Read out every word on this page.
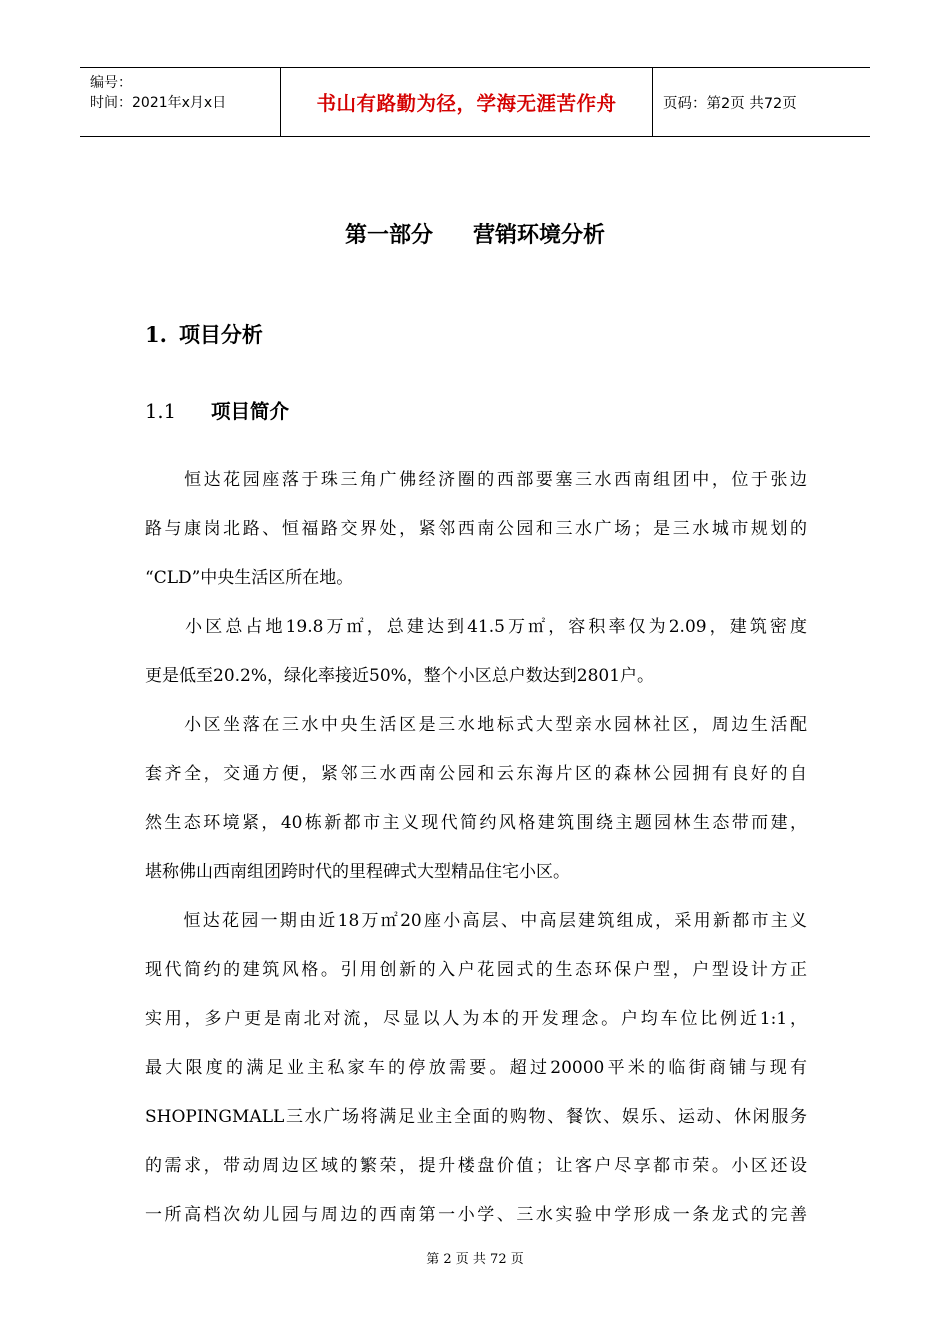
编号：
时间：2021年x月x日	书山有路勤为径，学海无涯苦作舟	页码：第2页 共72页
第一部分 营销环境分析
1. 项目分析
1.1 项目简介
　　恒达花园座落于珠三角广佛经济圈的西部要塞三水西南组团中，位于张边
路与康岗北路、恒福路交界处，紧邻西南公园和三水广场；是三水城市规划的
“CLD”中央生活区所在地。
　　小区总占地19.8万㎡，总建达到41.5万㎡，容积率仅为2.09，建筑密度
更是低至20.2%，绿化率接近50%，整个小区总户数达到2801户。
　　小区坐落在三水中央生活区是三水地标式大型亲水园林社区，周边生活配
套齐全，交通方便，紧邻三水西南公园和云东海片区的森林公园拥有良好的自
然生态环境紧，40栋新都市主义现代简约风格建筑围绕主题园林生态带而建，
堪称佛山西南组团跨时代的里程碑式大型精品住宅小区。
　　恒达花园一期由近18万㎡20座小高层、中高层建筑组成，采用新都市主义
现代简约的建筑风格。引用创新的入户花园式的生态环保户型，户型设计方正
实用，多户更是南北对流，尽显以人为本的开发理念。户均车位比例近1:1，
最大限度的满足业主私家车的停放需要。超过20000平米的临街商铺与现有
SHOPINGMALL三水广场将满足业主全面的购物、餐饮、娱乐、运动、休闲服务
的需求，带动周边区域的繁荣，提升楼盘价值；让客户尽享都市荣。小区还设
一所高档次幼儿园与周边的西南第一小学、三水实验中学形成一条龙式的完善
第 2 页 共 72 页
